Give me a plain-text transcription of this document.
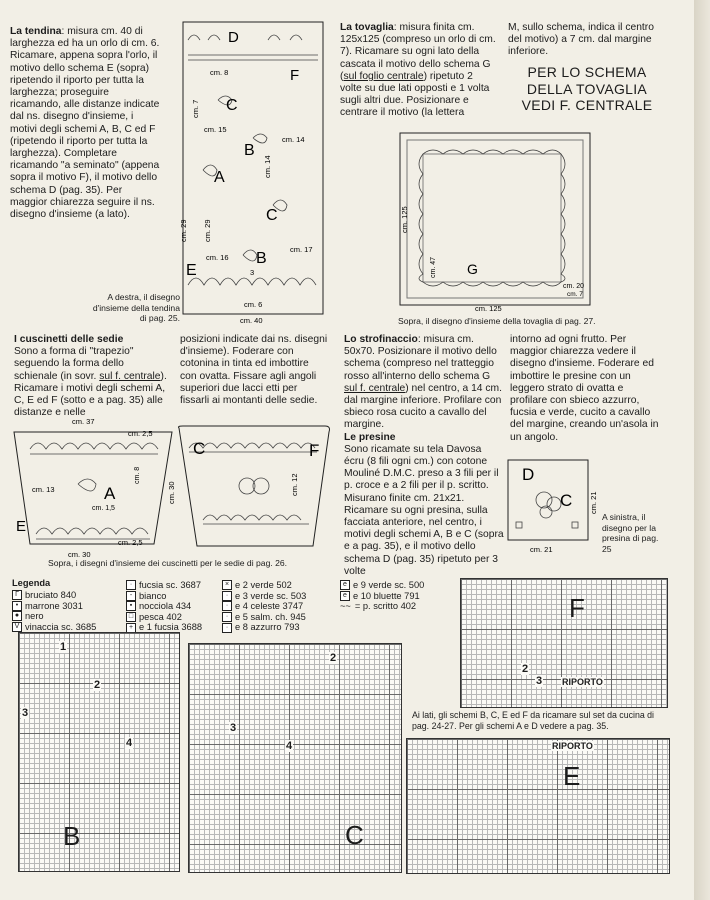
La tendina: misura cm. 40 di larghezza ed ha un orlo di cm. 6. Ricamare, appena sopra l'orlo, il motivo dello schema E (sopra) ripetendo il riporto per tutta la larghezza; proseguire ricamando, alle distanze indicate dal ns. disegno d'insieme, i motivi degli schemi A, B, C ed F (ripetendo il riporto per tutta la larghezza). Completare ricamando "a seminato" (appena sopra il motivo F), il motivo dello schema D (pag. 35). Per maggior chiarezza seguire il ns. disegno d'insieme (a lato).

A destra, il disegno d'insieme della tendina di pag. 25.
D
F
C
B
A
C
B
E
cm. 8
cm. 7
cm. 15
cm. 14
cm. 14
cm. 29 cm. 29
cm. 17
cm. 16
3
cm. 6
cm. 40

La tovaglia: misura finita cm. 125x125 (compreso un orlo di cm. 7). Ricamare su ogni lato della cascata il motivo dello schema G (sul foglio centrale) ripetuto 2 volte su due lati opposti e 1 volta sugli altri due. Posizionare e centrare il motivo (la lettera

M, sullo schema, indica il centro del motivo) a 7 cm. dal margine inferiore.
PER LO SCHEMA
DELLA TOVAGLIA
VEDI F. CENTRALE
G
cm. 125
cm. 125
cm. 20
cm. 47
cm. 7
Sopra, il disegno d'insieme della tovaglia di pag. 27.

I cuscinetti delle sedie
Sono a forma di "trapezio" seguendo la forma dello schienale (in sovr. sul f. centrale). Ricamare i motivi degli schemi A, C, E ed F (sotto e a pag. 35) alle distanze e nelle

posizioni indicate dai ns. disegni d'insieme). Foderare con cotonina in tinta ed imbottire con ovatta. Fissare agli angoli superiori due lacci etti per fissarli ai montanti delle sedie.
cm. 37
cm. 2,5
cm. 13	A
cm. 1,5
cm. 8
E
cm. 2,5
cm. 30
cm. 30
C	F
cm. 12
Sopra, i disegni d'insieme dei cuscinetti per le sedie di pag. 26.

Lo strofinaccio: misura cm. 50x70. Posizionare il motivo dello schema (compreso nel tratteggio rosso all'interno dello schema G sul f. centrale) nel centro, a 14 cm. dal margine inferiore. Profilare con sbieco rosa cucito a cavallo del margine.

Le presine
Sono ricamate su tela Davosa écru (8 fili ogni cm.) con cotone Mouliné D.M.C. preso a 3 fili per il p. croce e a 2 fili per il p. scritto. Misurano finite cm. 21x21. Ricamare su ogni presina, sulla facciata anteriore, nel centro, i motivi degli schemi A, B e C (sopra e a pag. 35), e il motivo dello schema D (pag. 35) ripetuto per 3 volte

intorno ad ogni frutto. Per maggior chiarezza vedere il disegno d'insieme. Foderare ed imbottire le presine con un leggero strato di ovatta e profilare con sbieco azzurro, fucsia e verde, cucito a cavallo del margine, creando un'asola in un angolo.
D
C
cm. 21
cm. 21
A sinistra, il disegno per la presina di pag. 25
Legenda
Γ bruciato 840
• marrone 3031
● nero
V vinaccia sc. 3685
· fucsia sc. 3687
- bianco
▪ nocciola 434
□ pesca 402
+ e 1 fucsia 3688
× e 2 verde 502
· e 3 verde sc. 503
· e 4 celeste 3747
· e 5 salm. ch. 945
· e 8 azzurro 793
e e 9 verde sc. 500
e e 10 bluette 791
~~ = p. scritto 402
3
1
2
4
B
2
3
4
C
F
2
3 RIPORTO
Ai lati, gli schemi B, C, E ed F da ricamare sul set da cucina di pag. 24-27. Per gli schemi A e D vedere a pag. 35.
RIPORTO
E
